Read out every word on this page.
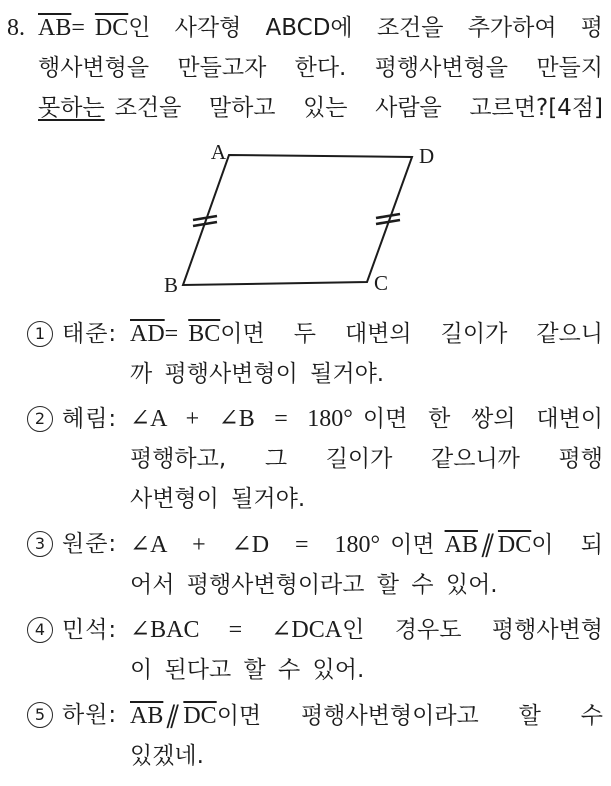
8. $\overline{AB}= \overline{DC}$인 사각형 ABCD에 조건을 추가하여 평
행사변형을 만들고자 한다. 평행사변형을 만들지
못하는 조건을 말하고 있는 사람을 고르면?[4점]
A	D
B	C
1 태준: $\overline{AD}= \overline{BC}$이면 두 대변의 길이가 같으니
까 평행사변형이 될거야.
2 혜림: ∠A + ∠B = 180° 이면 한 쌍의 대변이
평행하고, 그 길이가 같으니까 평행
사변형이 될거야.
3 원준: ∠A + ∠D = 180° 이면 $\overline{AB}\parallel\overline{DC}$이 되
어서 평행사변형이라고 할 수 있어.
4 민석: ∠BAC = ∠DCA인 경우도 평행사변형
이 된다고 할 수 있어.
5 하원: $\overline{AB}\parallel\overline{DC}$이면 평행사변형이라고 할 수
있겠네.
